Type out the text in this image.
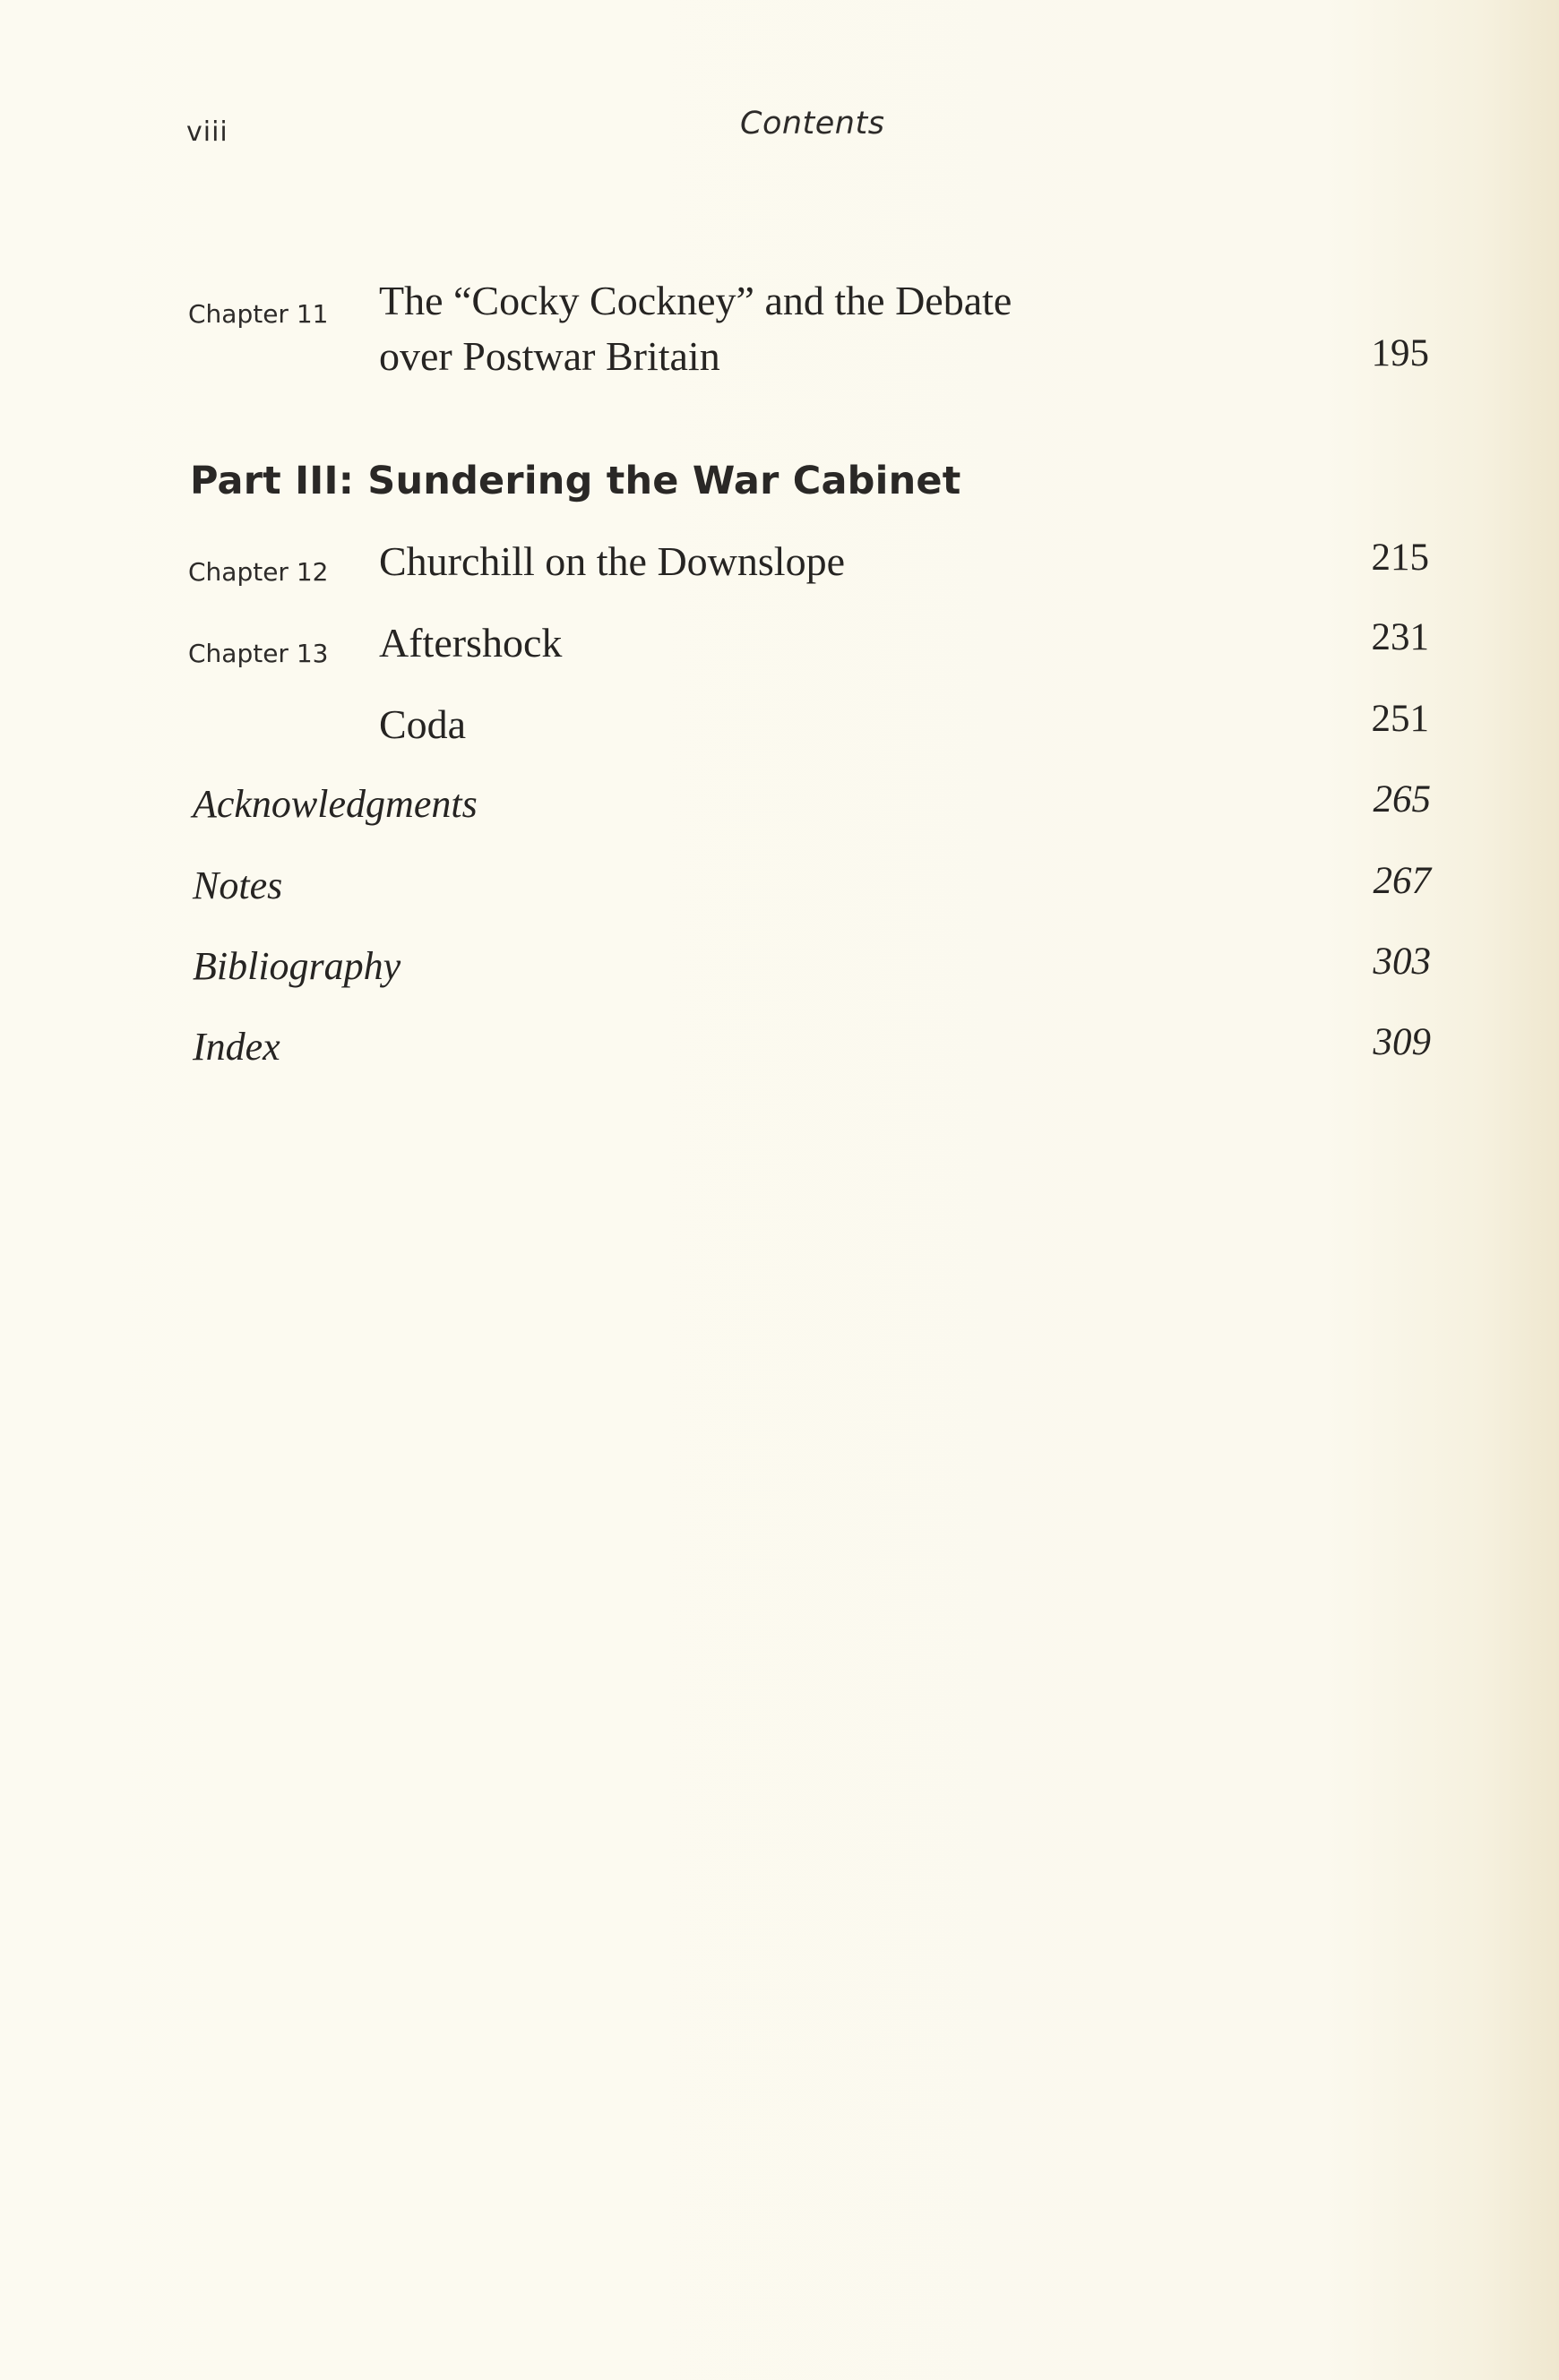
viii	Contents
Chapter 11 The “Cocky Cockney” and the Debate
over Postwar Britain	195
Part III: Sundering the War Cabinet
Chapter 12 Churchill on the Downslope	215
Chapter 13 Aftershock	231
Coda	251
Acknowledgments	265
Notes	267
Bibliography	303
Index	309
